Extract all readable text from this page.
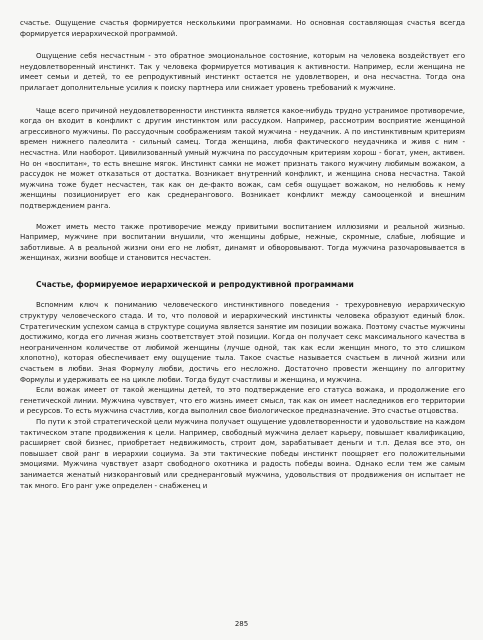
счастье. Ощущение счастья формируется несколькими программами. Но основная составляющая счастья всегда формируется иерархической программой.

Ощущение себя несчастным - это обратное эмоциональное состояние, которым на человека воздействует его неудовлетворенный инстинкт. Так у человека формируется мотивация к активности. Например, если женщина не имеет семьи и детей, то ее репродуктивный инстинкт остается не удовлетворен, и она несчастна. Тогда она прилагает дополнительные усилия к поиску партнера или снижает уровень требований к мужчине.

Чаще всего причиной неудовлетворенности инстинкта является какое-нибудь трудно устранимое противоречие, когда он входит в конфликт с другим инстинктом или рассудком. Например, рассмотрим восприятие женщиной агрессивного мужчины. По рассудочным соображениям такой мужчина - неудачник. А по инстинктивным критериям времен нижнего палеолита - сильный самец. Тогда женщина, любя фактического неудачника и живя с ним - несчастна. Или наоборот. Цивилизованный умный мужчина по рассудочным критериям хорош - богат, умен, активен. Но он «воспитан», то есть внешне мягок. Инстинкт самки не может признать такого мужчину любимым вожаком, а рассудок не может отказаться от достатка. Возникает внутренний конфликт, и женщина снова несчастна. Такой мужчина тоже будет несчастен, так как он де-факто вожак, сам себя ощущает вожаком, но нелюбовь к нему женщины позиционирует его как среднерангового. Возникает конфликт между самооценкой и внешним подтверждением ранга.

Может иметь место также противоречие между привитыми воспитанием иллюзиями и реальной жизнью. Например, мужчине при воспитании внушили, что женщины добрые, нежные, скромные, слабые, любящие и заботливые. А в реальной жизни они его не любят, динамят и обворовывают. Тогда мужчина разочаровывается в женщинах, жизни вообще и становится несчастен.

Счастье, формируемое иерархической и репродуктивной программами

Вспомним ключ к пониманию человеческого инстинктивного поведения - трехуровневую иерархическую структуру человеческого стада. И то, что половой и иерархический инстинкты человека образуют единый блок. Стратегическим успехом самца в структуре социума является занятие им позиции вожака. Поэтому счастье мужчины достижимо, когда его личная жизнь соответствует этой позиции. Когда он получает секс максимального качества в неограниченном количестве от любимой женщины (лучше одной, так как если женщин много, то это слишком хлопотно), которая обеспечивает ему ощущение тыла. Такое счастье называется счастьем в личной жизни или счастьем в любви. Зная Формулу любви, достичь его несложно. Достаточно провести женщину по алгоритму Формулы и удерживать ее на цикле любви. Тогда будут счастливы и женщина, и мужчина.

Если вожак имеет от такой женщины детей, то это подтверждение его статуса вожака, и продолжение его генетической линии. Мужчина чувствует, что его жизнь имеет смысл, так как он имеет наследников его территории и ресурсов. То есть мужчина счастлив, когда выполнил свое биологическое предназначение. Это счастье отцовства.

По пути к этой стратегической цели мужчина получает ощущение удовлетворенности и удовольствие на каждом тактическом этапе продвижения к цели. Например, свободный мужчина делает карьеру, повышает квалификацию, расширяет свой бизнес, приобретает недвижимость, строит дом, зарабатывает деньги и т.п. Делая все это, он повышает свой ранг в иерархии социума. За эти тактические победы инстинкт поощряет его положительными эмоциями. Мужчина чувствует азарт свободного охотника и радость победы воина. Однако если тем же самым занимается женатый низкоранговый или среднеранговый мужчина, удовольствия от продвижения он испытает не так много. Его ранг уже определен - снабженец и

285
